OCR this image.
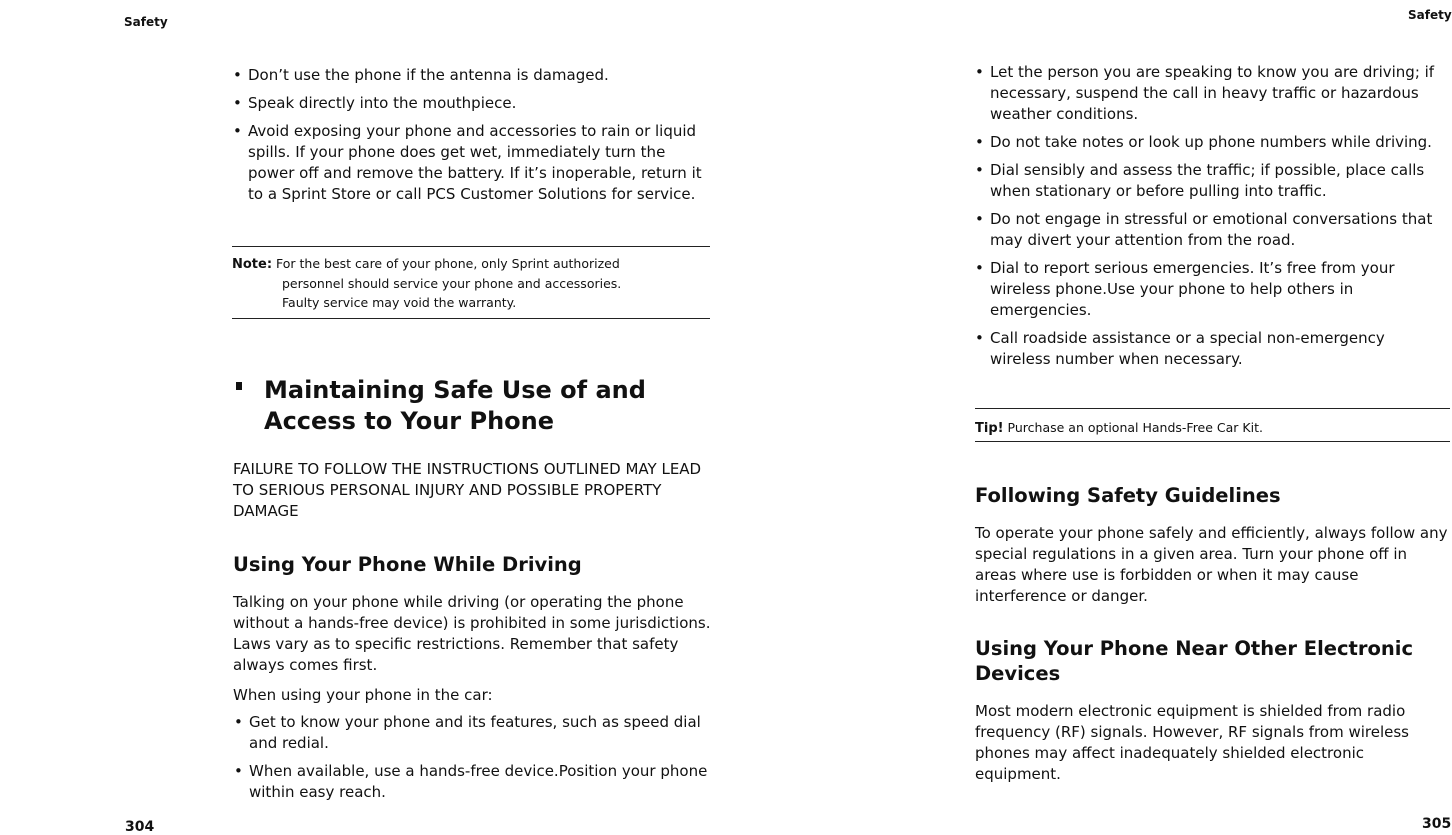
Safety
• Don’t use the phone if the antenna is damaged.
• Speak directly into the mouthpiece.
• Avoid exposing your phone and accessories to rain or liquid spills. If your phone does get wet, immediately turn the power off and remove the battery. If it’s inoperable, return it to a Sprint Store or call PCS Customer Solutions for service.
Note: For the best care of your phone, only Sprint authorized
personnel should service your phone and accessories.
Faulty service may void the warranty.
Maintaining Safe Use of and Access to Your Phone

FAILURE TO FOLLOW THE INSTRUCTIONS OUTLINED MAY LEAD TO SERIOUS PERSONAL INJURY AND POSSIBLE PROPERTY DAMAGE

Using Your Phone While Driving

Talking on your phone while driving (or operating the phone without a hands-free device) is prohibited in some jurisdictions. Laws vary as to specific restrictions. Remember that safety always comes first.

When using your phone in the car:

• Get to know your phone and its features, such as speed dial and redial.
• When available, use a hands-free device.Position your phone within easy reach.
304
Safety
• Let the person you are speaking to know you are driving; if necessary, suspend the call in heavy traffic or hazardous weather conditions.
• Do not take notes or look up phone numbers while driving.
• Dial sensibly and assess the traffic; if possible, place calls when stationary or before pulling into traffic.
• Do not engage in stressful or emotional conversations that may divert your attention from the road.
• Dial to report serious emergencies. It’s free from your wireless phone.Use your phone to help others in emergencies.
• Call roadside assistance or a special non-emergency wireless number when necessary.
Tip! Purchase an optional Hands-Free Car Kit.
Following Safety Guidelines

To operate your phone safely and efficiently, always follow any special regulations in a given area. Turn your phone off in areas where use is forbidden or when it may cause interference or danger.

Using Your Phone Near Other Electronic Devices

Most modern electronic equipment is shielded from radio frequency (RF) signals. However, RF signals from wireless phones may affect inadequately shielded electronic equipment.

305
